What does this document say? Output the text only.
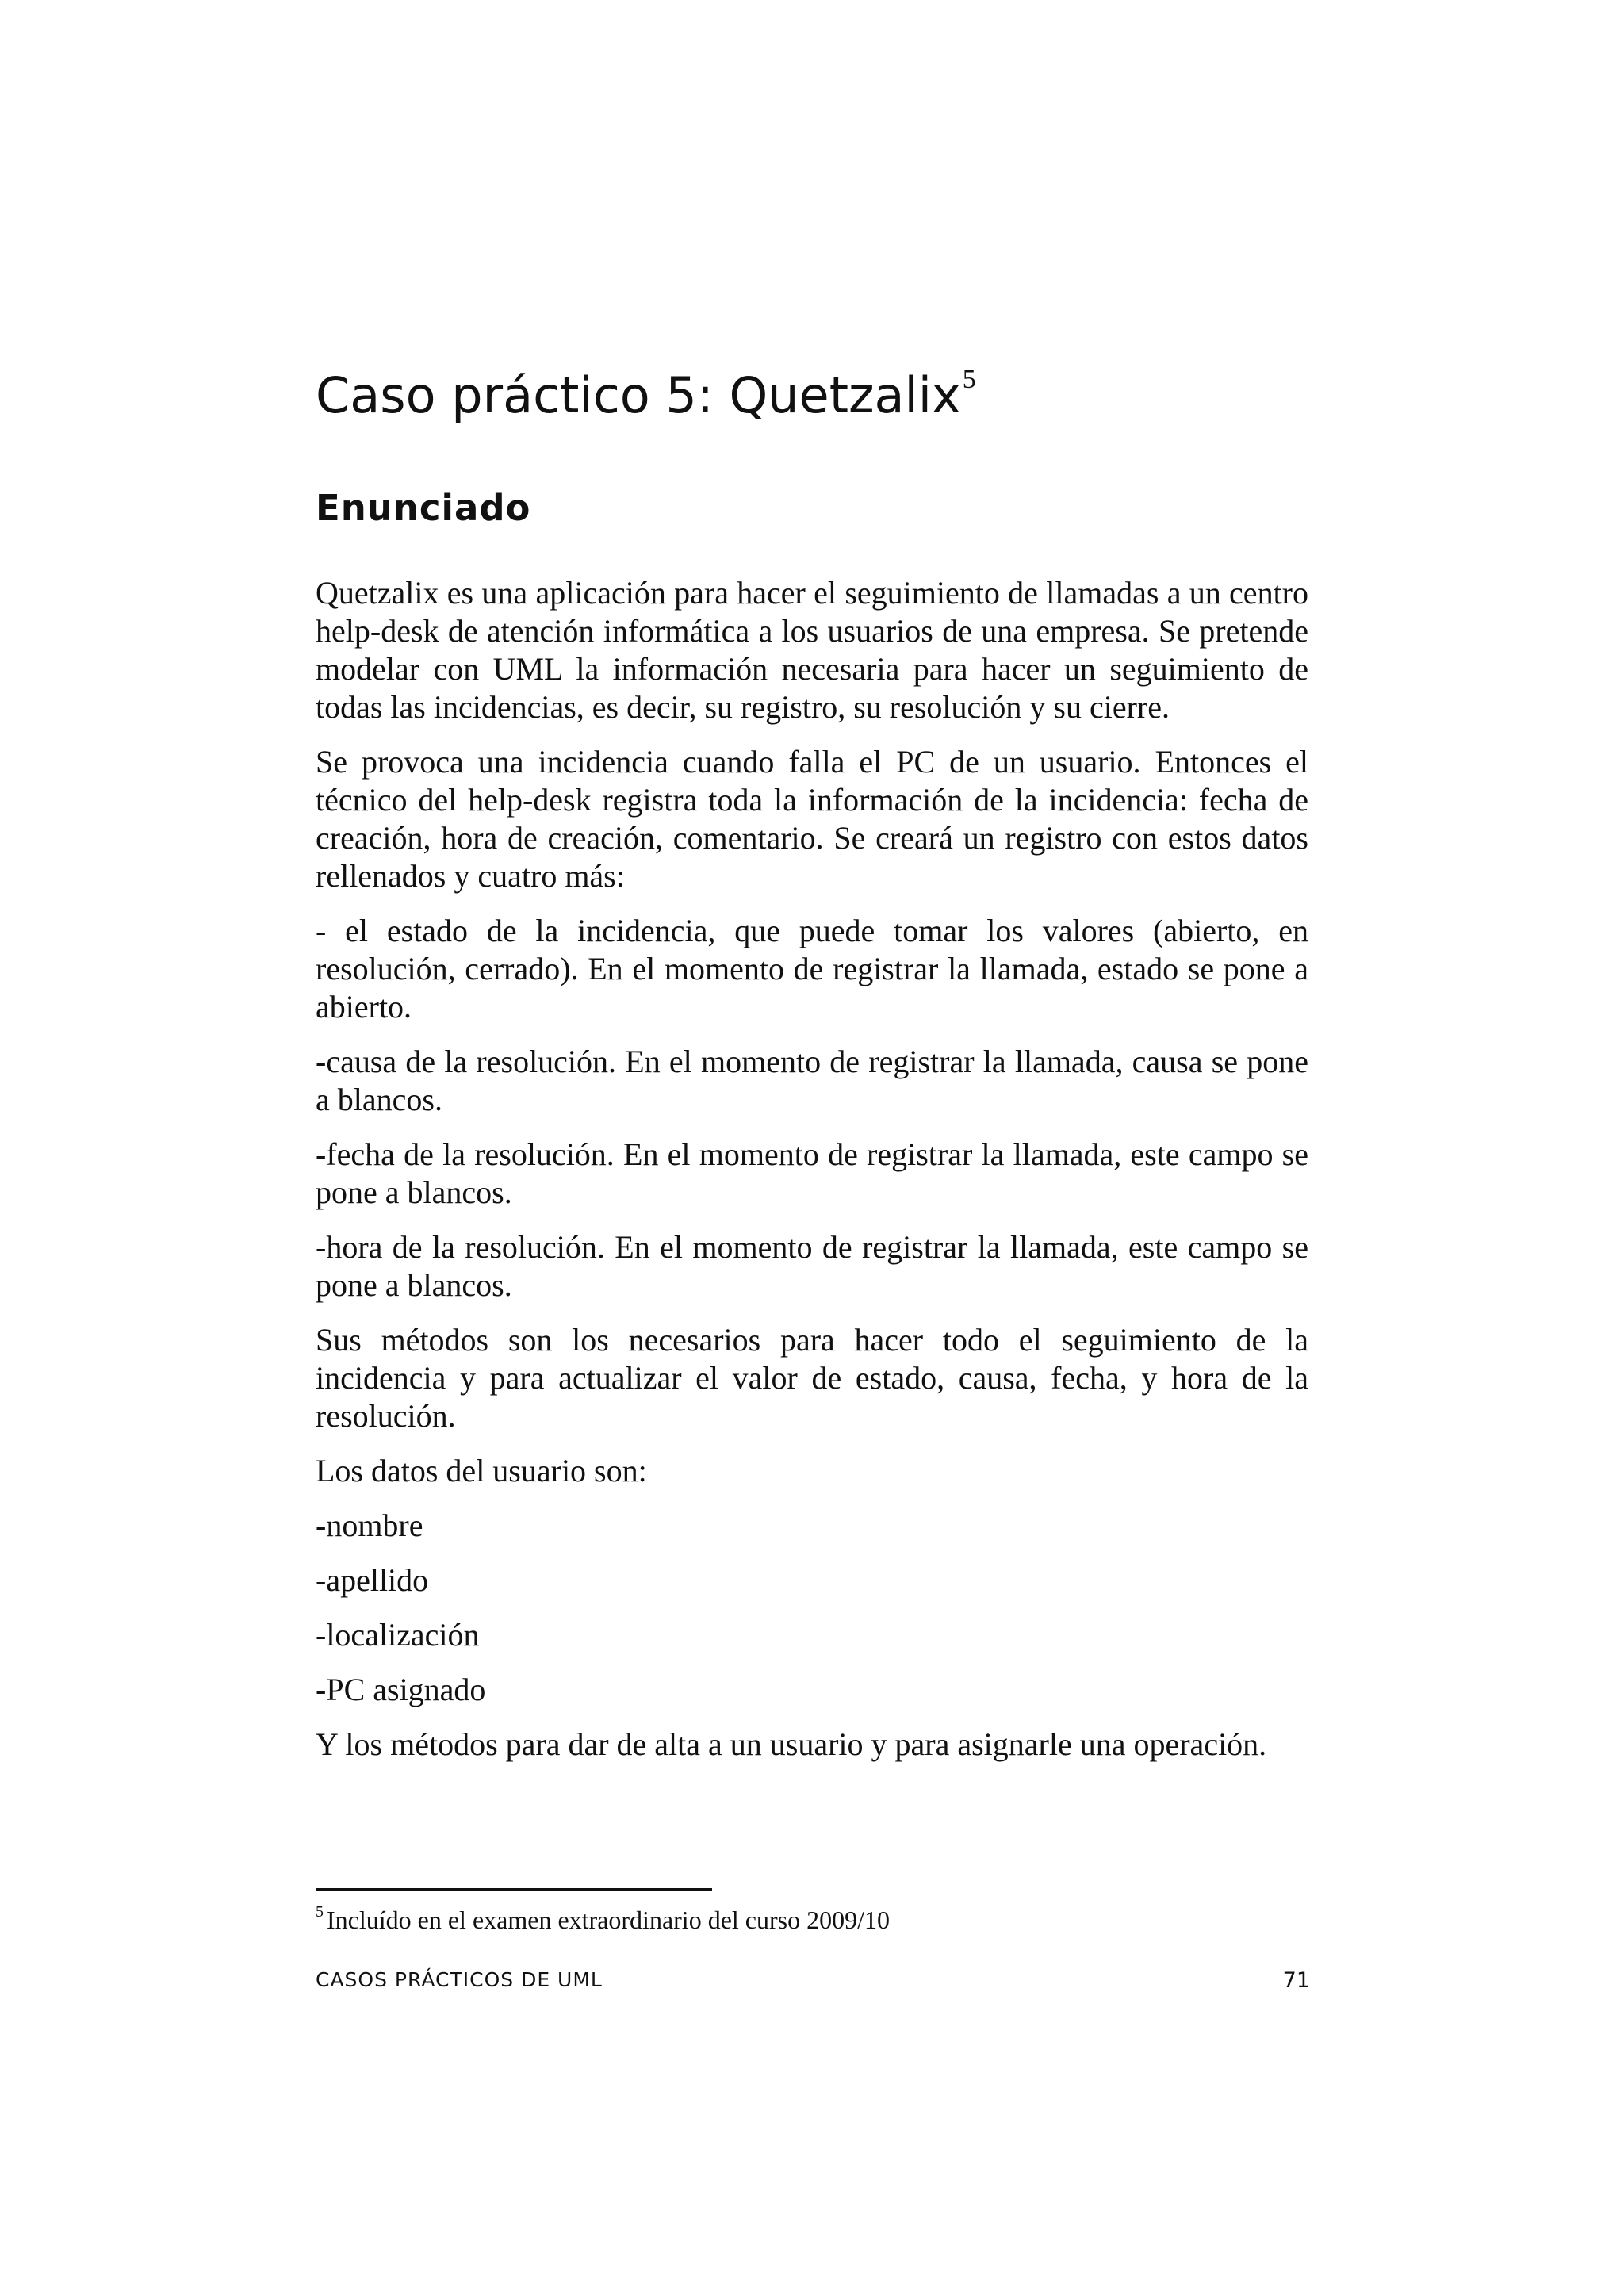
Caso práctico 5: Quetzalix$^5$
Enunciado

Quetzalix es una aplicación para hacer el seguimiento de llamadas a un centro help-desk de atención informática a los usuarios de una empresa. Se pretende modelar con UML la información necesaria para hacer un seguimiento de todas las incidencias, es decir, su registro, su resolución y su cierre.

Se provoca una incidencia cuando falla el PC de un usuario. Entonces el técnico del help-desk registra toda la información de la incidencia: fecha de creación, hora de creación, comentario. Se creará un registro con estos datos rellenados y cuatro más:

- el estado de la incidencia, que puede tomar los valores (abierto, en resolución, cerrado). En el momento de registrar la llamada, estado se pone a abierto.

-causa de la resolución. En el momento de registrar la llamada, causa se pone a blancos.

-fecha de la resolución. En el momento de registrar la llamada, este campo se pone a blancos.

-hora de la resolución. En el momento de registrar la llamada, este campo se pone a blancos.

Sus métodos son los necesarios para hacer todo el seguimiento de la incidencia y para actualizar el valor de estado, causa, fecha, y hora de la resolución.

Los datos del usuario son:

-nombre

-apellido

-localización

-PC asignado

Y los métodos para dar de alta a un usuario y para asignarle una operación.

$^5$ Incluído en el examen extraordinario del curso 2009/10
CASOS PRÁCTICOS DE UML	71
